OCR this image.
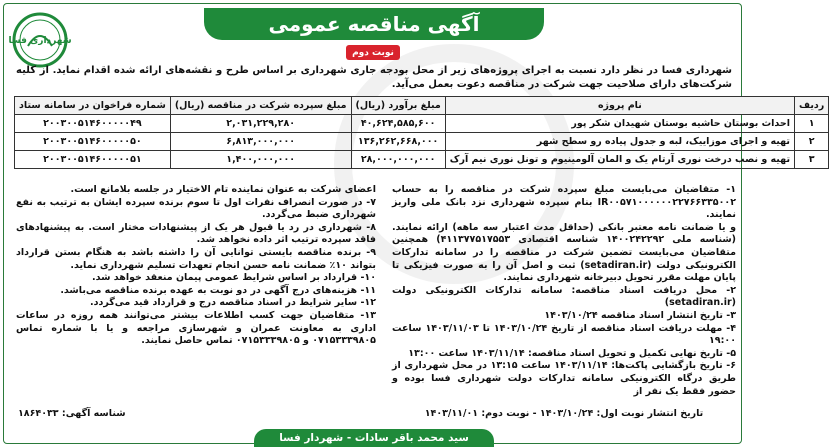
آگهی مناقصه عمومی
نوبت دوم
شهرداری فسا
شهرداری فسا در نظر دارد نسبت به اجرای پروژه‌های زیر از محل بودجه جاری شهرداری بر اساس طرح و نقشه‌های ارائه شده اقدام نماید. از کلیه شرکت‌های دارای صلاحیت جهت شرکت در مناقصه دعوت بعمل می‌آید.
ردیف	نام پروژه	مبلغ برآورد (ریال)	مبلغ سپرده شرکت در مناقصه (ریال)	شماره فراخوان در سامانه ستاد
۱	احداث بوستان حاشیه بوستان شهیدان شکر پور	۴۰,۶۲۴,۵۸۵,۶۰۰	۲,۰۳۱,۲۲۹,۲۸۰	۲۰۰۳۰۰۵۱۴۶۰۰۰۰۰۴۹
۲	تهیه و اجرای موزاییک، لبه و جدول پیاده رو سطح شهر	۱۳۶,۲۶۲,۶۶۸,۰۰۰	۶,۸۱۳,۰۰۰,۰۰۰	۲۰۰۳۰۰۵۱۴۶۰۰۰۰۰۵۰
۳	تهیه و نصب درخت نوری آرتام یک و المان آلومینیوم و تونل نوری نیم آرک	۲۸,۰۰۰,۰۰۰,۰۰۰	۱,۴۰۰,۰۰۰,۰۰۰	۲۰۰۳۰۰۵۱۴۶۰۰۰۰۰۵۱

۱- متقاضیان می‌بایست مبلغ سپرده شرکت در مناقصه را به حساب IR۰۰۵۷۱۰۰۰۰۰۰۲۲۷۶۶۳۳۵۰۰۲ بنام سپرده شهرداری نزد بانک ملی واریز نمایند.

و یا ضمانت نامه معتبر بانکی (حداقل مدت اعتبار سه ماهه) ارائه نمایند. (شناسه ملی ۱۴۰۰۲۴۲۲۹۲ شناسه اقتصادی ۴۱۱۳۷۷۵۱۷۵۵۳) همچنین متقاضیان می‌بایست تضمین شرکت در مناقصه را در سامانه تدارکات الکترونیکی دولت (setadiran.ir) ثبت و اصل آن را به صورت فیزیکی تا پایان مهلت مقرر تحویل دبیرخانه شهرداری نمایند.

۲- محل دریافت اسناد مناقصه: سامانه تدارکات الکترونیکی دولت (setadiran.ir)

۳- تاریخ انتشار اسناد مناقصه ۱۴۰۳/۱۰/۲۴

۴- مهلت دریافت اسناد مناقصه از تاریخ ۱۴۰۳/۱۰/۲۴ تا ۱۴۰۳/۱۱/۰۳ ساعت ۱۹:۰۰

۵- تاریخ نهایی تکمیل و تحویل اسناد مناقصه: ۱۴۰۳/۱۱/۱۴ ساعت ۱۳:۰۰

۶- تاریخ بازگشایی پاکت‌ها: ۱۴۰۳/۱۱/۱۴ ساعت ۱۳:۱۵ در محل شهرداری از طریق درگاه الکترونیکی سامانه تدارکات دولت شهرداری فسا بوده و حضور فقط یک نفر از

اعضای شرکت به عنوان نماینده تام الاختیار در جلسه بلامانع است.

۷- در صورت انصراف نفرات اول تا سوم برنده سپرده ایشان به ترتیب به نفع شهرداری ضبط می‌گردد.

۸- شهرداری در رد یا قبول هر یک از پیشنهادات مختار است. به پیشنهادهای فاقد سپرده ترتیب اثر داده نخواهد شد.

۹- برنده مناقصه بایستی توانایی آن را داشته باشد به هنگام بستن قرارداد بتواند ۱۰٪ ضمانت نامه حسن انجام تعهدات تسلیم شهرداری نماید.

۱۰- قرارداد بر اساس شرایط عمومی پیمان منعقد خواهد شد.

۱۱- هزینه‌های درج آگهی در دو نوبت به عهده برنده مناقصه می‌باشد.

۱۲- سایر شرایط در اسناد مناقصه درج و قرارداد قید می‌گردد.

۱۳- متقاضیان جهت کسب اطلاعات بیشتر می‌توانند همه روزه در ساعات اداری به معاونت عمران و شهرسازی مراجعه و یا با شماره تماس ۰۷۱۵۳۳۳۹۸۰۵ و ۰۷۱۵۳۳۳۹۸۰۵ تماس حاصل نمایند.

تاریخ انتشار نوبت اول: ۱۴۰۳/۱۰/۲۴ - نوبت دوم: ۱۴۰۳/۱۱/۰۱
شناسه آگهی: ۱۸۶۴۰۳۳
سید محمد باقر سادات - شهردار فسا
